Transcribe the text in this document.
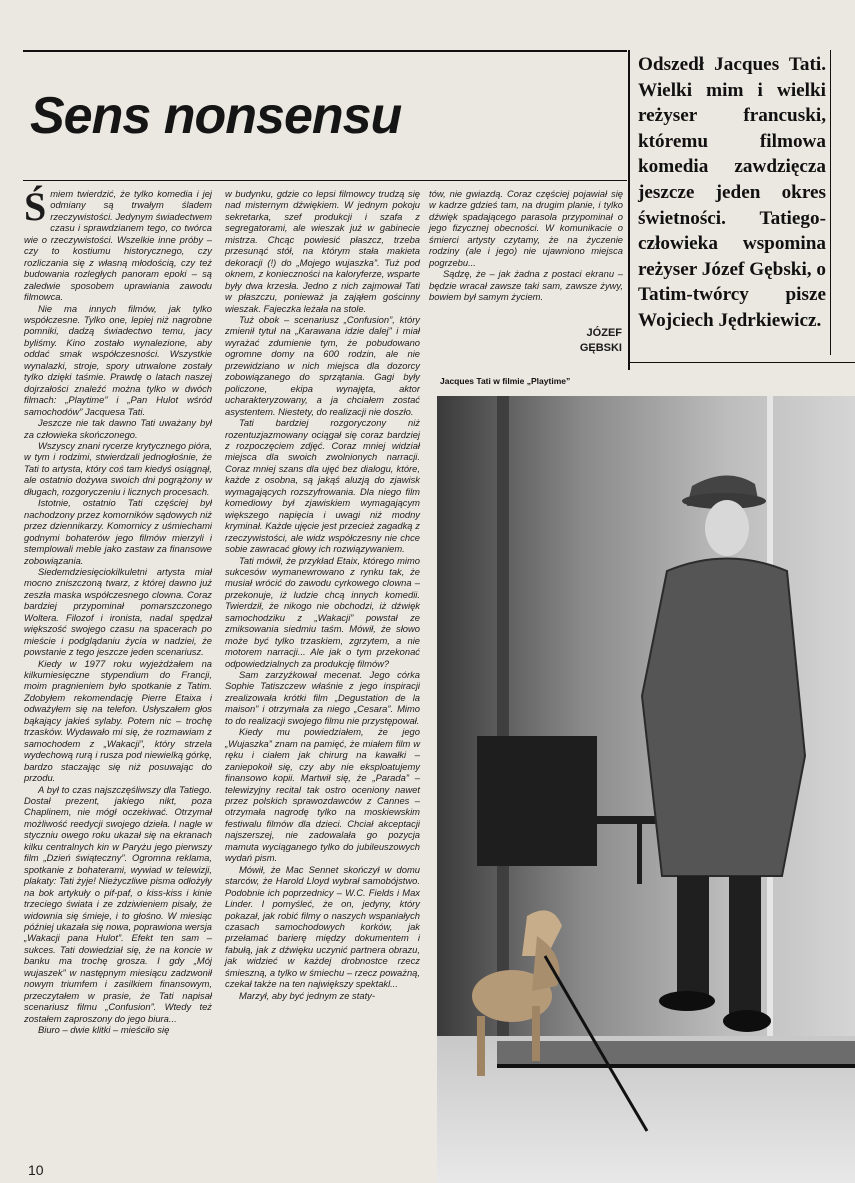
Sens nonsensu

Odszedł Jacques Tati. Wielki mim i wielki reżyser francuski, któremu filmowa komedia zawdzięcza jeszcze jeden okres świetności. Tatiego-człowieka wspomina reżyser Józef Gębski, o Tatim-twórcy pisze Wojciech Jędrkiewicz.

Śmiem twierdzić, że tylko komedia i jej odmiany są trwałym śladem rzeczywistości. Jedynym świadectwem czasu i sprawdzianem tego, co twórca wie o rzeczywistości. Wszelkie inne próby – czy to kostiumu historycznego, czy rozliczania się z własną młodością, czy też budowania rozległych panoram epoki – są zaledwie sposobem uprawiania zawodu filmowca.

Nie ma innych filmów, jak tylko współczesne. Tylko one, lepiej niż nagrobne pomniki, dadzą świadectwo temu, jacy byliśmy. Kino zostało wynalezione, aby oddać smak współczesności. Wszystkie wynalazki, stroje, spory utrwalone zostały tylko dzięki taśmie. Prawdę o latach naszej dojrzałości znaleźć można tylko w dwóch filmach: „Playtime” i „Pan Hulot wśród samochodów” Jacquesa Tati.

Jeszcze nie tak dawno Tati uważany był za człowieka skończonego.

Wszyscy znani rycerze krytycznego pióra, w tym i rodzimi, stwierdzali jednogłośnie, że Tati to artysta, który coś tam kiedyś osiągnął, ale ostatnio dożywa swoich dni pogrążony w długach, rozgoryczeniu i licznych procesach.

Istotnie, ostatnio Tati częściej był nachodzony przez komorników sądowych niż przez dziennikarzy. Komornicy z uśmiechami godnymi bohaterów jego filmów mierzyli i stemplowali meble jako zastaw za finansowe zobowiązania.

Siedemdziesięciokilkuletni artysta miał mocno zniszczoną twarz, z której dawno już zeszła maska współczesnego clowna. Coraz bardziej przypominał pomarszczonego Woltera. Filozof i ironista, nadal spędzał większość swojego czasu na spacerach po mieście i podglądaniu życia w nadziei, że powstanie z tego jeszcze jeden scenariusz.

Kiedy w 1977 roku wyjeżdżałem na kilkumiesięczne stypendium do Francji, moim pragnieniem było spotkanie z Tatim. Zdobyłem rekomendację Pierre Etaixa i odważyłem się na telefon. Usłyszałem głos bąkający jakieś sylaby. Potem nic – trochę trzasków. Wydawało mi się, że rozmawiam z samochodem z „Wakacji”, który strzela wydechową rurą i rusza pod niewielką górkę, bardzo staczając się niż posuwając do przodu.

A był to czas najszczęśliwszy dla Tatiego. Dostał prezent, jakiego nikt, poza Chaplinem, nie mógł oczekiwać. Otrzymał możliwość reedycji swojego dzieła. I nagle w styczniu owego roku ukazał się na ekranach kilku centralnych kin w Paryżu jego pierwszy film „Dzień świąteczny”. Ogromna reklama, spotkanie z bohaterami, wywiad w telewizji, plakaty: Tati żyje! Nieżyczliwe pisma odłożyły na bok artykuły o pif-paf, o kiss-kiss i kinie trzeciego świata i ze zdziwieniem pisały, że widownia się śmieje, i to głośno. W miesiąc później ukazała się nowa, poprawiona wersja „Wakacji pana Hulot”. Efekt ten sam – sukces. Tati dowiedział się, że na koncie w banku ma trochę grosza. I gdy „Mój wujaszek” w następnym miesiącu zadzwonił nowym triumfem i zasilkiem finansowym, przeczytałem w prasie, że Tati napisał scenariusz filmu „Confusion”. Wtedy też zostałem zaproszony do jego biura...

Biuro – dwie klitki – mieściło się

w budynku, gdzie co lepsi filmowcy trudzą się nad misternym dźwiękiem. W jednym pokoju sekretarka, szef produkcji i szafa z segregatorami, ale wieszak już w gabinecie mistrza. Chcąc powiesić płaszcz, trzeba przesunąć stół, na którym stała makieta dekoracji (!) do „Mojego wujaszka”. Tuż pod oknem, z konieczności na kaloryferze, wsparte były dwa krzesła. Jedno z nich zajmował Tati w płaszczu, ponieważ ja zająłem gościnny wieszak. Fajeczka leżała na stole.

Tuż obok – scenariusz „Confusion”, który zmienił tytuł na „Karawana idzie dalej” i miał wyrażać zdumienie tym, że pobudowano ogromne domy na 600 rodzin, ale nie przewidziano w nich miejsca dla dozorcy zobowiązanego do sprzątania. Gagi były policzone, ekipa wynajęta, aktor ucharakteryzowany, a ja chciałem zostać asystentem. Niestety, do realizacji nie doszło.

Tati bardziej rozgoryczony niż rozentuzjazmowany ociągał się coraz bardziej z rozpoczęciem zdjęć. Coraz mniej widział miejsca dla swoich zwolnionych narracji. Coraz mniej szans dla ujęć bez dialogu, które, każde z osobna, są jakąś aluzją do zjawisk wymagających rozszyfrowania. Dla niego film komediowy był zjawiskiem wymagającym większego napięcia i uwagi niż modny kryminał. Każde ujęcie jest przecież zagadką z rzeczywistości, ale widz współczesny nie chce sobie zawracać głowy ich rozwiązywaniem.

Tati mówił, że przykład Etaix, którego mimo sukcesów wymanewrowano z rynku tak, że musiał wrócić do zawodu cyrkowego clowna – przekonuje, iż ludzie chcą innych komedii. Twierdził, że nikogo nie obchodzi, iż dźwięk samochodziku z „Wakacji” powstał ze zmiksowania siedmiu taśm. Mówił, że słowo może być tylko trzaskiem, zgrzytem, a nie motorem narracji... Ale jak o tym przekonać odpowiedzialnych za produkcję filmów?

Sam zarzyźkował mecenat. Jego córka Sophie Tatiszczew właśnie z jego inspiracji zrealizowała krótki film „Degustation de la maison” i otrzymała za niego „Cesara”. Mimo to do realizacji swojego filmu nie przystępował.

Kiedy mu powiedziałem, że jego „Wujaszka” znam na pamięć, że miałem film w ręku i ciałem jak chirurg na kawałki – zaniepokoił się, czy aby nie eksploatujemy finansowo kopii. Martwił się, że „Parada” – telewizyjny recital tak ostro oceniony nawet przez polskich sprawozdawców z Cannes – otrzymała nagrodę tylko na moskiewskim festiwalu filmów dla dzieci. Chciał akceptacji najszerszej, nie zadowalała go pozycja mamuta wyciąganego tylko do jubileuszowych wydań pism.

Mówił, że Mac Sennet skończył w domu starców, że Harold Lloyd wybrał samobójstwo. Podobnie ich poprzednicy – W.C. Fields i Max Linder. I pomyśleć, że on, jedyny, który pokazał, jak robić filmy o naszych wspaniałych czasach samochodowych korków, jak przełamać barierę między dokumentem i fabułą, jak z dźwięku uczynić partnera obrazu, jak widzieć w każdej drobnostce rzecz śmieszną, a tylko w śmiechu – rzecz poważną, czekał także na ten największy spektakl...

Marzył, aby być jednym ze staty-

tów, nie gwiazdą. Coraz częściej pojawiał się w kadrze gdzieś tam, na drugim planie, i tylko dźwięk spadającego parasola przypominał o jego fizycznej obecności. W komunikacie o śmierci artysty czytamy, że na życzenie rodziny (ale i jego) nie ujawniono miejsca pogrzebu...

Sądzę, że – jak żadna z postaci ekranu – będzie wracał zawsze taki sam, zawsze żywy, bowiem był samym życiem.

JÓZEF
GĘBSKI
Jacques Tati w filmie „Playtime”
10
